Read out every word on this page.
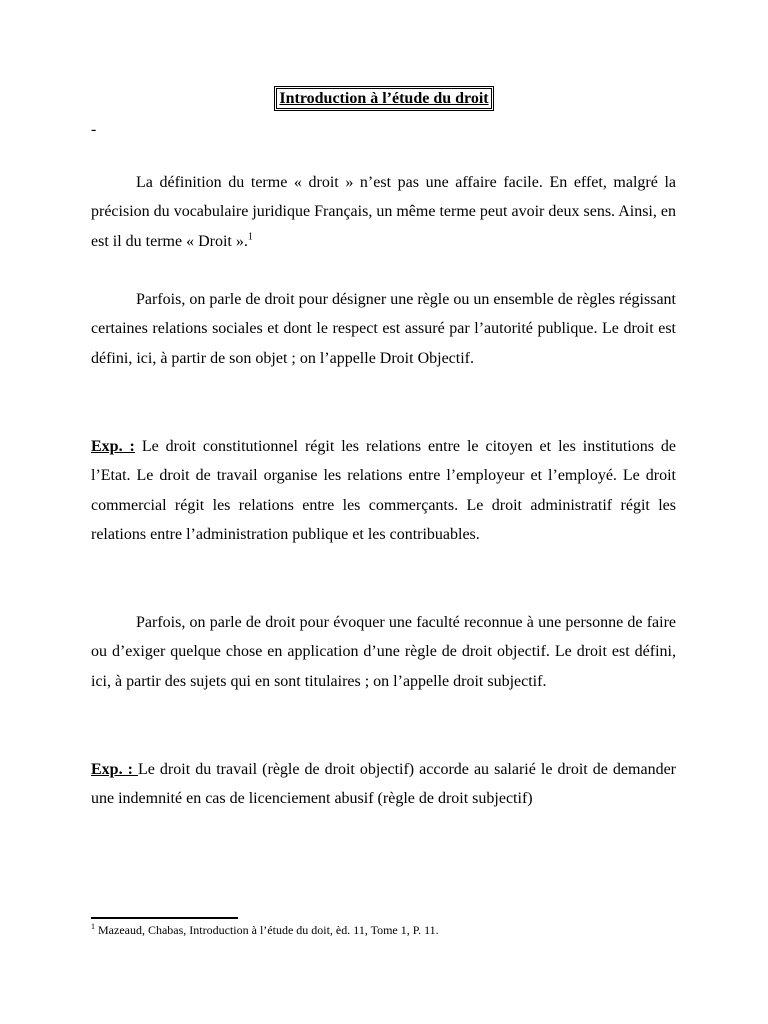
Introduction à l’étude du droit
-

La définition du terme « droit » n’est pas une affaire facile. En effet, malgré la précision du vocabulaire juridique Français, un même terme peut avoir deux sens. Ainsi, en est il du terme « Droit ».$^1$

Parfois, on parle de droit pour désigner une règle ou un ensemble de règles régissant certaines relations sociales et dont le respect est assuré par l’autorité publique. Le droit est défini, ici, à partir de son objet ; on l’appelle Droit Objectif.

Exp. : Le droit constitutionnel régit les relations entre le citoyen et les institutions de l’Etat. Le droit de travail organise les relations entre l’employeur et l’employé. Le droit commercial régit les relations entre les commerçants. Le droit administratif régit les relations entre l’administration publique et les contribuables.

Parfois, on parle de droit pour évoquer une faculté reconnue à une personne de faire ou d’exiger quelque chose en application d’une règle de droit objectif. Le droit est défini, ici, à partir des sujets qui en sont titulaires ; on l’appelle droit subjectif.

Exp. : Le droit du travail (règle de droit objectif) accorde au salarié le droit de demander une indemnité en cas de licenciement abusif (règle de droit subjectif)

$^1$ Mazeaud, Chabas, Introduction à l’étude du doit, èd. 11, Tome 1, P. 11.
